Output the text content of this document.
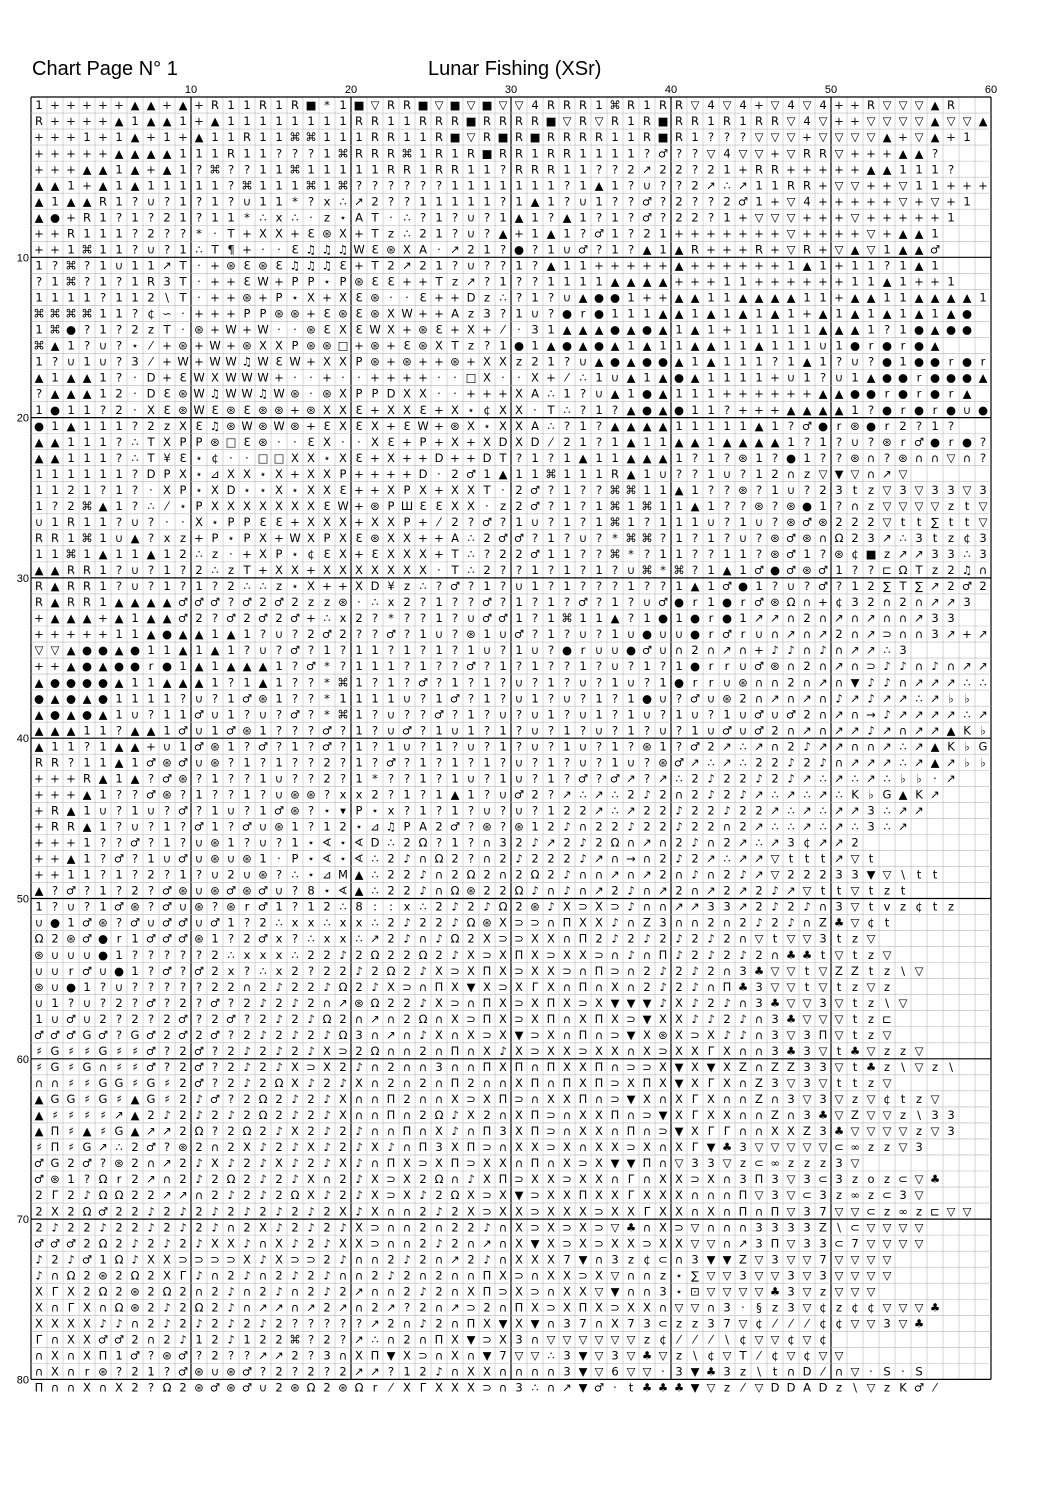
Chart Page N° 1	Lunar Fishing (XSr)
10	20	30	40	50	60
10
20
30
40
50
60
70
80
1 + + + + + ▲ ▲ + ▲ + R 1 1 R 1 R ■ * 1 ■ ▽ R R ■ ▽ ■ ▽ ■ ▽ ▽ 4 R R R 1 ⌘ R 1 R R ▽ 4 ▽ 4 + ▽ 4 ▽ 4 + + R ▽ ▽ ▽ ▲ R
R + + + + ▲ 1 ▲ ▲ 1 + ▲ 1 1 1 1 1 1 1 1 R R 1 1 R R R ■ R R R R ■ ▽ R ▽ R 1 R ■ R R 1 R 1 R R ▽ 4 ▽ + + ▽ ▽ ▽ ▽ ▲ ▽ ▽ ▲
+ + + 1 + 1 ▲ + 1 + ▲ 1 1 R 1 1 ⌘ ⌘ 1 1 1 R R 1 1 R ■ ▽ R ■ R ■ R R R R 1 1 R ■ R 1 ? ? ? ▽ ▽ ▽ + ▽ ▽ ▽ ▽ ▲ + ▽ ▲ + 1
+ + + + + ▲ ▲ ▲ ▲ 1 1 1 R 1 1 ? ? ? 1 ⌘ R R R ⌘ 1 R 1 R ■ R R 1 R R 1 1 1 1 ? ♂ ? ? ▽ 4 ▽ ▽ + ▽ R R ▽ + + + ▲ ▲ ?
+ + + ▲ ▲ 1 ▲ + ▲ 1 ? ⌘ ? ? 1 1 ⌘ 1 1 1 1 1 R R 1 R R 1 1 ? R R R 1 1 ? ? 2 ↗ 2 2 ? 2 1 + R R + + + + + ▲ ▲ 1 1 1 ?
▲ ▲ 1 + ▲ 1 ▲ 1 1 1 1 1 ? ⌘ 1 1 1 ⌘ 1 ⌘ ? ? ? ? ? ? 1 1 1 1 1 1 1 ? 1 ▲ 1 ? ∪ ? ? 2 ↗ ∴ ↗ 1 1 R R + ▽ ▽ + + ▽ 1 1 + + +
▲ 1 ▲ ▲ R 1 ? ∪ ? 1 ? 1 ? ∪ 1 1 * ? x ∴ ↗ 2 ? ? 1 1 1 1 1 ? 1 ▲ 1 ? ∪ 1 ? ? ♂ ? 2 ? ? 2 ♂ 1 + ▽ 4 + + + + + ▽ + ▽ + 1
▲ ● + R 1 ? 1 ? 2 1 ? 1 1 * ∴ x ∴ · z ⋆ A T · ∴ ? 1 ? ∪ ? 1 ▲ 1 ? ▲ 1 ? 1 ? ♂ ? 2 2 ? 1 + ▽ ▽ ▽ + + + ▽ + + + + + 1
+ + R 1 1 1 ? 2 ? ? * · T + X X + Ɛ ⊛ X + T z ∴ 2 1 ? ∪ ? ▲ + 1 ▲ 1 ? ♂ 1 ? 2 1 + + + + + + + ▽ + + + + ▽ + ▲ ▲ 1
+ + 1 ⌘ 1 1 ? ∪ ? 1 ∴ T ¶ + · · Ɛ ♫ ♫ ♫ W Ɛ ⊛ X A · ↗ 2 1 ? ● ? 1 ∪ ♂ ? 1 ? ▲ 1 ▲ R + + + R + ▽ R + ▽ ▲ ▽ 1 ▲ ▲ ♂
1 ? ⌘ ? 1 ∪ 1 1 ↗ T · + ⊛ Ɛ ⊛ Ɛ ♫ ♫ ♫ Ɛ + T 2 ↗ 2 1 ? ∪ ? ? 1 ? ▲ 1 1 + + + + + ▲ + + + + + + 1 ▲ 1 + 1 1 ? 1 ▲ 1
? 1 ⌘ ? 1 ? 1 R 3 T · + + Ɛ W + P P ⋆ P ⊛ Ɛ Ɛ + + T z ↗ ? 1 ? ? 1 1 1 1 ▲ ▲ ▲ ▲ + + + 1 1 + + + + + + 1 1 ▲ 1 + + 1
1 1 1 1 ? 1 1 2 \ T · + + ⊛ + P ⋆ X + X Ɛ ⊛ · · Ɛ + + D z ∴ ? 1 ? ∪ ▲ ● ● 1 + + ▲ ▲ 1 1 ▲ ▲ ▲ ▲ 1 1 + ▲ ▲ 1 1 ▲ ▲ ▲ ▲ 1
⌘ ⌘ ⌘ ⌘ 1 1 ? ¢ ∽ · + + + P P ⊛ ⊛ + Ɛ ⊛ Ɛ ⊛ X W + + A z 3 ? 1 ∪ ? ● r ● 1 1 1 ▲ ▲ 1 ▲ 1 ▲ 1 ▲ 1 + ▲ 1 ▲ 1 ▲ 1 ▲ 1 ▲ ●
1 ⌘ ● ? 1 ? 2 z T · ⊛ + W + W · · ⊛ Ɛ X Ɛ W X + ⊛ Ɛ + X + ⁄ · 3 1 ▲ ▲ ▲ ● ▲ ● ▲ 1 ▲ 1 + 1 1 1 1 1 ▲ ▲ ▲ 1 ? 1 ● ▲ ● ●
⌘ ▲ 1 ? ∪ ? ⋆ ⁄ + ⊛ + W + ⊛ X X P ⊛ ⊛ □ + ⊛ + Ɛ ⊛ X T z ? 1 ● 1 ▲ ● ▲ ● ▲ 1 ▲ 1 1 ▲ ▲ 1 1 ▲ 1 1 1 ∪ 1 ● r ● r ● ▲
1 ? ∪ 1 ∪ ? 3 ⁄ + W + W W ♫ W Ɛ W + X X P ⊛ + ⊛ + + ⊛ + X X z 2 1 ? ∪ ▲ ● ▲ ● ● ▲ 1 ▲ 1 1 1 ? 1 ▲ 1 ? ∪ ? ● 1 ● ● r ● r
▲ 1 ▲ ▲ 1 ? · D + Ɛ W X W W W + · · + · · + + + + · · □ X · · X + ⁄ ∴ 1 ∪ ▲ 1 ▲ ● ▲ 1 1 1 1 + ∪ 1 ? ∪ 1 ▲ ● ● r ● ● ● ▲
? ▲ ▲ ▲ 1 2 · D Ɛ ⊛ W ♫ W W ♫ W ⊛ · ⊛ X P P D X X · · + + + X A ∴ 1 ? ∪ ▲ 1 ● ▲ 1 1 1 + + + + + + ▲ ▲ ● ● r ● r ● r ▲
1 ● 1 1 ? 2 · X Ɛ ⊛ W Ɛ ⊛ Ɛ ⊛ ⊛ + ⊛ X X Ɛ + X X Ɛ + X ⋆ ¢ X X · T ∴ ? 1 ? ▲ ● ▲ ● 1 1 ? + + + ▲ ▲ ▲ ▲ 1 ? ● r ● r ● ∪ ●
● 1 ▲ 1 1 1 ? 2 z X Ɛ ♫ ⊛ W ⊛ W ⊛ + Ɛ X Ɛ X + Ɛ W + ⊛ X ⋆ X X A ∴ ? 1 ? ▲ ▲ ▲ ▲ 1 1 1 1 1 ▲ 1 ? ♂ ● r ⊛ ● r 2 ? 1 ?
▲ ▲ 1 1 1 ? ∴ T X P P ⊛ □ Ɛ ⊛ · · Ɛ X · · X Ɛ + P + X + X D X D ⁄ 2 1 ? 1 ▲ 1 1 ▲ ▲ 1 ▲ ▲ ▲ ▲ 1 ? 1 ? ∪ ? ⊛ r ♂ ● r ● ?
▲ ▲ 1 1 1 ? ∴ T ¥ Ɛ ⋆ ¢ · · □ □ X X ⋆ X Ɛ + X + + D + + D T ? 1 ? 1 ▲ 1 1 ▲ ▲ ▲ 1 ? 1 ? ⊛ 1 ? ● 1 ? ? ⊛ ∩ ? ⊛ ∩ ∩ ▽ ∩ ?
1 1 1 1 1 1 ? D P X ⋆ ⊿ X X ⋆ X + X X P + + + + D · 2 ♂ 1 ▲ 1 1 ⌘ 1 1 1 R ▲ 1 ∪ ? ? 1 ∪ ? 1 2 ∩ z ▽ ▼ ▽ ∩ ↗ ▽
1 1 2 1 ? 1 ? · X P ⋆ X D ⋆ ⋆ X ⋆ X X Ɛ + + X P X + X X T · 2 ♂ ? 1 ? ? ⌘ ⌘ 1 1 ▲ 1 ? ? ⊛ ? 1 ∪ ? 2 3 t z ▽ 3 ▽ 3 3 ▽ 3
1 ? 2 ⌘ ▲ 1 ? ∴ ⁄ ⋆ P X X X X X X X Ɛ W + ⊛ P Ш Ɛ Ɛ X X · z 2 ♂ ? 1 ? 1 ⌘ 1 ⌘ 1 1 ▲ 1 ? ? ⊛ ? ⊛ ● 1 ? ∩ z ▽ ▽ ▽ ▽ z t ▽
∪ 1 R 1 1 ? ∪ ? · · X ⋆ P P Ɛ Ɛ + X X X + X X P + ⁄ 2 ? ♂ ? 1 ∪ ? 1 ? 1 ⌘ 1 ? 1 1 1 ∪ ? 1 ∪ ? ⊛ ♂ ⊛ 2 2 2 ▽ t t ∑ t t ▽
R R 1 ⌘ 1 ∪ ▲ ? x z + P ⋆ P X + W X P X Ɛ ⊛ X X + + A ∴ 2 ♂ ♂ ? 1 ? ∪ ? * ⌘ ⌘ ? 1 ? 1 ? ∪ ? ⊛ ♂ ⊛ ∩ Ω 2 3 ↗ ∴ 3 t z ¢ 3
1 1 ⌘ 1 ▲ 1 1 ▲ 1 2 ∴ z · + X P ⋆ ¢ Ɛ X + Ɛ X X X + T ∴ ? 2 2 ♂ 1 1 ? ? ⌘ * ? 1 1 ? ? 1 1 ? ⊛ ♂ 1 ? ⊛ ¢ ■ z ↗ ↗ 3 3 ∴ 3
▲ ▲ R R 1 ? ∪ ? 1 ? 2 ∴ z T + X X + X X X X X X X · T ∴ 2 ? ? 1 ? 1 ? 1 ? ∪ ⌘ * ⌘ ? 1 ▲ 1 ♂ ● ♂ ⊛ ♂ 1 ? ? ⊏ Ω T z 2 ♫ ∩
R ▲ R R 1 ? ∪ ? 1 ? 1 ? 2 ∴ ∴ z ⋆ X + + X D ¥ z ∴ ? ♂ ? 1 ? ∪ 1 ? 1 ? ? ? 1 ? ? 1 ▲ 1 ♂ ● 1 ? ∪ ? ♂ ? 1 2 ∑ T ∑ ↗ 2 ♂ 2
R ▲ R R 1 ▲ ▲ ▲ ▲ ♂ ♂ ♂ ? ♂ 2 ♂ 2 z z ⊛ · ∴ x 2 ? 1 ? ? ♂ ? 1 ? 1 ? ♂ ? 1 ? ∪ ♂ ● r 1 ● r ♂ ⊛ Ω ∩ + ¢ 3 2 ∩ 2 ∩ ↗ ↗ 3
+ ▲ ▲ ▲ + ▲ 1 ▲ ▲ ♂ 2 ? ♂ 2 ♂ 2 ♂ + ∴ x 2 ? * ? ? 1 ? ∪ ♂ ♂ 1 ? 1 ⌘ 1 1 ▲ ? 1 ● 1 ● r ● 1 ↗ ↗ ∩ 2 ∩ ↗ ∩ ↗ ∩ ∩ ↗ 3 3
+ + + + + 1 1 ▲ ● ▲ ▲ 1 ▲ 1 ? ∪ ? 2 ♂ 2 ? ? ♂ ? 1 ∪ ? ⊛ 1 ∪ ♂ ? 1 ? ∪ ? 1 ∪ ● ∪ ∪ ● r ♂ r ∪ ∩ ↗ ∩ ↗ 2 ∩ ↗ ⊃ ∩ ∩ 3 ↗ + ↗
▽ ▽ ▲ ● ● ▲ ● 1 1 ▲ 1 ▲ 1 ? ∪ ? ♂ ? 1 ? 1 1 ? 1 ? 1 ? 1 ∪ ? 1 ∪ ? ● r ∪ ∪ ● ♂ ∪ ∩ 2 ∩ ↗ ∩ + ♪ ♪ ∩ ♪ ∩ ↗ ↗ ∴ 3
+ + ▲ ● ▲ ● ● r ● 1 ▲ 1 ▲ ▲ ▲ 1 ? ♂ * ? 1 1 1 ? 1 ? ? ♂ ? 1 ? 1 ? ? 1 ? ∪ ? 1 ? 1 ● r r ∪ ♂ ⊛ ∩ 2 ∩ ↗ ∩ ⊃ ♪ ♪ ∩ ♪ ∩ ↗ ↗
▲ ● ● ● ● ▲ 1 1 ▲ ▲ ▲ 1 ? 1 ▲ 1 ? ? * ⌘ 1 ? 1 ? ♂ ? 1 ? 1 ? ∪ ? 1 ? ∪ ? 1 ∪ ? 1 ● r r ∪ ⊛ ∩ ∩ 2 ∩ ↗ ∩ ▼ ♪ ♪ ∩ ↗ ↗ ↗ ∴ ∴
● ▲ ● ▲ ● 1 1 1 1 ? ∪ ? 1 ♂ ⊛ 1 ? ? * 1 1 1 1 ∪ ? 1 ♂ ? 1 ? ∪ 1 ? ∪ ? 1 ? 1 ● ∪ ? ♂ ∪ ⊛ 2 ∩ ↗ ∩ ↗ ∩ ♪ ↗ ♪ ↗ ↗ ∴ ↗ ♭ ♭
▲ ● ▲ ● ▲ 1 ∪ ? 1 1 ♂ ∪ 1 ? ∪ ? ♂ ? * ⌘ 1 ? ∪ ? ? ♂ ? 1 ? ∪ ? ∪ 1 ? ∪ 1 ? 1 ∪ ? 1 ∪ ? 1 ∪ ♂ ∪ ♂ 2 ∩ ↗ ∩ → ♪ ↗ ↗ ↗ ↗ ∴ ↗
▲ ▲ ▲ 1 1 ? ▲ ▲ 1 ♂ ∪ 1 ♂ ⊛ 1 ? ? ? ♂ ? 1 ? ∪ ♂ ? 1 ∪ 1 ? 1 ? ∪ ? 1 ? ∪ ? 1 ? ∪ ? 1 ∪ ♂ ∪ ♂ 2 ∩ ↗ ∩ ↗ ↗ ♪ ↗ ∩ ↗ ↗ ▲ K ♭
▲ 1 1 ? 1 ▲ ▲ + ∪ 1 ♂ ⊛ 1 ? ♂ ? 1 ? ♂ ? 1 ? 1 ∪ ? 1 ? ∪ ? 1 ? ∪ ? 1 ∪ ? 1 ? ⊛ 1 ? ♂ 2 ↗ ∴ ↗ ∩ 2 ♪ ↗ ↗ ∩ ∩ ↗ ∴ ↗ ▲ K ♭ G
R R ? 1 1 ▲ 1 ♂ ⊛ ♂ ∪ ⊛ ? 1 ? 1 ? ? 2 ? 1 ? ♂ ? 1 ? 1 ? 1 ? ∪ ? 1 ? ∪ ? 1 ∪ ? ⊛ ♂ ↗ ∴ ↗ ∴ 2 2 ♪ 2 ♪ ∩ ↗ ↗ ↗ ∴ ↗ ▲ ↗ ♭ ♭
+ + + R ▲ 1 ▲ ? ♂ ⊛ ? 1 ? ? 1 ∪ ? ? 2 ? 1 * ? ? 1 ? 1 ∪ ? 1 ∪ ? 1 ? ♂ ? ♂ ↗ ? ↗ ∴ 2 ♪ 2 2 ♪ 2 ♪ ↗ ∴ ↗ ∴ ↗ ∴ ♭ ♭ · ↗
+ + + ▲ 1 ? ? ♂ ⊛ ? 1 ? ? 1 ? ∪ ⊛ ⊛ ? x x 2 ? 1 ? 1 ▲ 1 ? ∪ ♂ 2 ? ↗ ∴ ↗ ∴ 2 ♪ 2 ∩ 2 ♪ 2 ♪ ↗ ∴ ↗ ∴ ↗ ∴ K ♭ G ▲ K ↗
+ R ▲ 1 ∪ ? 1 ∪ ? ♂ ? 1 ∪ ? 1 ♂ ⊛ ? ⋆ ▾ P ⋆ x ? 1 ? 1 ? ∪ ? ∪ ? 1 2 2 ↗ ∴ ↗ 2 2 ♪ 2 2 ♪ 2 2 ↗ ∴ ↗ ∴ ↗ ↗ 3 ∴ ↗ ↗
+ R R ▲ 1 ? ∪ ? 1 ? ♂ 1 ? ♂ ∪ ⊛ 1 ? 1 2 ⋆ ⊿ ♫ P A 2 ♂ ? ⊛ ? ⊛ 1 2 ♪ ∩ 2 2 ♪ 2 2 ♪ 2 2 ∩ 2 ↗ ∴ ∴ ↗ ∴ ↗ ∴ 3 ∴ ↗
+ + + 1 ? ? ♂ ? 1 ? ∪ ⊛ 1 ? ∪ ? 1 ⋆ ∢ ⋆ ∢ D ∴ 2 Ω ? 1 ? ∩ 3 2 ♪ ↗ 2 ♪ 2 Ω ∩ ↗ ∩ 2 ♪ ∩ 2 ↗ ∴ ↗ 3 ¢ ↗ ↗ 2
+ + ▲ 1 ? ♂ ? 1 ∪ ♂ ∪ ⊛ ∪ ⊛ 1 · P ⋆ ∢ ⋆ ∢ ∴ 2 ♪ ∩ Ω 2 ? ∩ 2 ♪ 2 2 2 ♪ ↗ ∩ → ∩ 2 ♪ 2 ↗ ∴ ↗ ↗ ▽ t t t ↗ ▽ t
+ + 1 1 ? 1 ? 2 ? 1 ? ∪ 2 ∪ ⊛ ? ∴ ⋆ ⊿ M ▲ ∴ 2 2 ♪ ∩ 2 Ω 2 ∩ 2 Ω 2 ♪ ∩ ∩ ↗ ∩ ↗ 2 ∩ ♪ ∩ 2 ♪ ↗ ▽ 2 2 2 3 3 ▼ ▽ \ t t
▲ ? ♂ ? 1 ? 2 ? ♂ ⊛ ∪ ⊛ ♂ ⊛ ♂ ∪ ? 8 ⋆ ∢ ▲ ∴ 2 2 ♪ ∩ Ω ⊛ 2 2 Ω ♪ ∩ ♪ ∩ ↗ 2 ♪ ∩ ↗ 2 ∩ ↗ 2 ↗ 2 ♪ ↗ ▽ t t ▽ t z t
1 ? ∪ ? 1 ♂ ⊛ ? ♂ ∪ ⊛ ? ⊛ r ♂ 1 ? 1 2 ∴ 8 : : x ∴ 2 ♪ 2 ♪ Ω 2 ⊛ ♪ X ⊃ X ⊃ ♪ ∩ ∩ ↗ ↗ 3 3 ↗ 2 ♪ 2 ♪ ∩ 3 ▽ t v z ¢ t z
∪ ● 1 ♂ ⊛ ? ♂ ∪ ♂ ♂ ∪ ♂ 1 ? 2 ∴ x x ∴ x x ∴ 2 ♪ 2 2 ♪ Ω ⊛ X ⊃ ⊃ ∩ Π X X ♪ ∩ Z 3 ∩ ∩ 2 ∩ 2 ♪ 2 ♪ ∩ Z ♣ ▽ ¢ t
Ω 2 ⊛ ♂ ● r 1 ♂ ♂ ♂ ⊛ 1 ? 2 ♂ x ? ∴ x x ∴ ↗ 2 ♪ ∩ ♪ Ω 2 X ⊃ ⊃ X X ∩ Π 2 ♪ 2 ♪ 2 ♪ 2 ♪ 2 ∩ ▽ t ▽ ▽ 3 t z ▽
⊛ ∪ ∪ ∪ ● 1 ? ? ? ? ? 2 ∴ x x x ∴ 2 2 ♪ 2 Ω 2 2 Ω 2 ♪ X ⊃ X Π X ⊃ X X ⊃ ∩ ♪ ∩ Π ♪ 2 ♪ 2 ♪ 2 ∩ ♣ ♣ t ▽ t z ▽
∪ ∪ r ♂ ∪ ● 1 ? ♂ ? ♂ 2 x ? ∴ x 2 ? 2 2 ♪ 2 Ω 2 ♪ X ⊃ X Π X ⊃ X X ⊃ ∩ Π ⊃ ∩ 2 ♪ 2 ♪ 2 ∩ 3 ♣ ▽ ▽ t ▽ Z Z t z \ ▽
⊛ ∪ ● 1 ? ∪ ? ? ? ? ? 2 2 ∩ 2 ♪ 2 2 ♪ Ω 2 ♪ X ⊃ ∩ Π X ▼ X ⊃ X Γ X ∩ Π ∩ X ∩ 2 ♪ 2 ♪ ∩ Π ♣ 3 ▽ ▽ t ▽ t z ▽ z
∪ 1 ? ∪ ? 2 ? ♂ ? 2 ? ♂ ? 2 ♪ 2 ♪ 2 ∩ ↗ ⊛ Ω 2 2 ♪ X ⊃ ∩ Π X ⊃ X Π X ⊃ X ▼ ▼ ▼ ♪ X ♪ 2 ♪ ∩ 3 ♣ ▽ ▽ 3 ▽ t z \ ▽
1 ∪ ♂ ∪ 2 ? 2 ? 2 ♂ ? 2 ♂ ? 2 ♪ 2 ♪ Ω 2 ∩ ↗ ∩ 2 Ω ∩ X ⊃ Π X ⊃ X Π ∩ X Π X ⊃ ▼ X X ♪ ♪ 2 ♪ ∩ 3 ♣ ▽ ▽ ▽ t z ⊏
♂ ♂ ♂ G ♂ ? G ♂ 2 ♂ 2 ♂ ? 2 ♪ 2 ♪ 2 ♪ Ω 3 ∩ ↗ ∩ ♪ X ∩ X ⊃ X ▼ ⊃ X ∩ Π ∩ ⊃ ▼ X ⊛ X ⊃ X ♪ ♪ ∩ 3 ▽ 3 Π ▽ t z ▽
♯ G ♯ ♯ G ♯ ♯ ♂ ? 2 ♂ ? 2 ♪ 2 ♪ 2 ♪ X ⊃ 2 Ω ∩ ∩ 2 ∩ Π ∩ X ♪ X ⊃ X X ⊃ X X ∩ X ⊃ X X Γ X ∩ ∩ 3 ♣ 3 ▽ t ♣ ▽ z z ▽
♯ G ♯ G ∩ ♯ ♯ ♂ ? 2 ♂ ? 2 ♪ 2 ♪ X ⊃ X 2 ♪ ∩ 2 ∩ ∩ 3 ∩ ∩ Π X Π ∩ Π X X Π ∩ ⊃ ⊃ X ▼ X ▼ X Z ∩ Z Z 3 3 ▽ t ♣ z \ ▽ z \
∩ ∩ ♯ ♯ G G ♯ G ♯ 2 ♂ ? 2 ♪ 2 Ω X ♪ 2 ♪ X ∩ 2 ∩ 2 ∩ Π 2 ∩ ∩ X Π ∩ Π X Π ⊃ X Π X ▼ X Γ X ∩ Z 3 ▽ 3 ▽ t t z ▽
▲ G G ♯ G ♯ ▲ G ♯ 2 ♪ ♂ ? 2 Ω 2 ♪ 2 ♪ X ∩ ∩ Π 2 ∩ ∩ X ⊃ X Π ⊃ ∩ X X Π ∩ ⊃ ▼ X ∩ X Γ X ∩ ∩ Z ∩ 3 ▽ 3 ▽ z ▽ ¢ t z ▽
▲ ♯ ♯ ♯ ♯ ↗ ▲ 2 ♪ 2 ♪ 2 ♪ 2 Ω 2 ♪ 2 ♪ X ∩ ∩ Π ∩ 2 Ω ♪ X 2 ∩ X Π ⊃ ∩ X X Π ∩ ⊃ ▼ X Γ X X ∩ ∩ Z ∩ 3 ♣ ▽ Z ▽ ▽ z \ 3 3
▲ Π ♯ ▲ ♯ G ▲ ↗ ↗ 2 Ω ? 2 Ω 2 ♪ X 2 ♪ 2 ♪ ∩ ∩ Π ∩ X ♪ ∩ Π 3 X Π ⊃ ∩ X X ∩ Π ∩ ⊃ ▼ X Γ Γ ∩ ∩ X X Z 3 ♣ ▽ ▽ ▽ ▽ z ▽ 3
♯ Π ♯ G ↗ ∴ 2 ♂ ? ⊛ 2 ∩ 2 X ♪ 2 ♪ X ♪ 2 ♪ X ♪ ∩ Π 3 X Π ⊃ ∩ X X ⊃ X ∩ X X ⊃ X ∩ X Γ ▼ ♣ 3 ▽ ▽ ▽ ▽ ▽ ⊂ ∞ z z ▽ 3
♂ G 2 ♂ ? ⊛ 2 ∩ ↗ 2 ♪ X ♪ 2 ♪ X ♪ 2 ♪ X ♪ ∩ Π X ⊃ X Π ⊃ X X ∩ Π ∩ X ⊃ X ▼ ▼ Π ∩ ▽ 3 3 ▽ z ⊂ ∞ z z z 3 ▽
♂ ⊛ 1 ? Ω r 2 ↗ ∩ 2 ♪ 2 Ω 2 ♪ 2 ♪ X ∩ 2 ♪ X ⊃ X 2 Ω ∩ ♪ X Π ⊃ X X ⊃ X X ∩ Γ ∩ X X ⊃ X ∩ 3 Π 3 ▽ 3 ⊂ 3 z o z ⊂ ▽ ♣
2 Γ 2 ♪ Ω Ω 2 2 ↗ ↗ ∩ 2 ♪ 2 ♪ 2 Ω X ♪ 2 ♪ X ⊃ X ♪ 2 Ω X ⊃ X ▼ ⊃ X X Π X X Γ X X X ∩ ∩ ∩ Π ▽ 3 ▽ ⊂ 3 z ∞ z ⊂ 3 ▽
2 X 2 Ω ♂ 2 2 ♪ 2 ♪ 2 ♪ 2 ♪ 2 ♪ 2 ♪ 2 X ♪ X ∩ ∩ 2 ♪ 2 X ⊃ X X ⊃ X X X ⊃ X X Γ X X ∩ X ∩ Π ∩ Π ▽ 3 7 ▽ ▽ ⊂ z ∞ z ⊏ ▽ ▽
2 ♪ 2 2 ♪ 2 2 ♪ 2 ♪ 2 ♪ ∩ 2 X ♪ 2 ♪ 2 ♪ X ⊃ ∩ ∩ 2 ∩ 2 2 ♪ ∩ X ⊃ X ⊃ X ⊃ ▽ ♣ ∩ X ⊃ ▽ ∩ ∩ ∩ 3 3 3 3 Z \ ⊂ ▽ ▽ ▽ ▽
♂ ♂ ♂ 2 Ω 2 ♪ 2 ♪ 2 ♪ X X ♪ ∩ X ♪ 2 ♪ X X ⊃ ∩ ∩ 2 ♪ 2 ∩ ↗ ∩ X ▼ X ⊃ X ⊃ X X ⊃ X X ▽ ▽ ∩ ↗ 3 Π ▽ 3 3 ⊂ 7 ▽ ▽ ▽ ▽
♪ 2 ♪ ♂ 1 Ω ♪ X X ⊃ ⊃ ⊃ ⊃ X ♪ X ⊃ ⊃ 2 ♪ ∩ ∩ 2 ♪ 2 ∩ ↗ 2 ♪ ∩ X X X 7 ▼ ∩ 3 z ¢ ⊂ ∩ 3 ▼ ▼ Z ▽ 3 ▽ ▽ 7 ▽ ▽ ▽ ▽
♪ ∩ Ω 2 ⊛ 2 Ω 2 X Γ ♪ ∩ 2 ♪ ∩ 2 ♪ 2 ♪ ∩ ∩ 2 ♪ 2 ∩ 2 ∩ ∩ Π X ⊃ ∩ X X ⊃ X ▽ ∩ ∩ z ⋆ ∑ ▽ ▽ 3 ▽ ▽ 3 ▽ 3 ▽ ▽ ▽ ▽
X Γ X 2 Ω 2 ⊛ 2 Ω 2 ∩ 2 ♪ ∩ 2 ♪ ∩ 2 ♪ 2 ↗ ∩ ∩ 2 ♪ 2 ∩ X Π ⊃ X ⊃ ∩ X X ▽ ▼ ∩ ∩ 3 ⋆ ⊡ ▽ ▽ ▽ ▽ ♣ 3 ▽ z ▽ ▽ ▽
X ∩ Γ X ∩ Ω ⊛ 2 ♪ 2 Ω 2 ♪ ∩ ↗ ↗ ∩ ↗ 2 ↗ ∩ 2 ↗ ? 2 ∩ ↗ ⊃ 2 ∩ Π X ⊃ X Π X ⊃ X X ∩ ▽ ▽ ∩ 3 · § z 3 ▽ ¢ z ¢ ¢ ▽ ▽ ▽ ♣
X X X X ♪ ♪ ∩ 2 ♪ 2 ♪ 2 ♪ 2 ♪ 2 ? ? ? ? ? ↗ 2 ∩ ♪ 2 ∩ Π X ▼ X ▼ ∩ 3 7 ∩ X 7 3 ⊂ z z 3 7 ▽ ¢ ⁄ ⁄ ⁄ ¢ ¢ ▽ ▽ 3 ▽ ♣
Γ ∩ X X ♂ ♂ 2 ∩ 2 ♪ 1 2 ♪ 1 2 2 ⌘ ? 2 ? ↗ ∴ ∩ 2 ∩ Π X ▼ ⊃ X 3 ∩ ▽ ▽ ▽ ▽ ▽ ▽ z ¢ ⁄ ⁄ ⁄ \ ¢ ▽ ▽ ¢ ▽ ¢
∩ X ∩ X Π 1 ♂ ? ⊛ ♂ ? 2 ? ? ↗ ↗ 2 ? 3 ∩ X Π ▼ X ⊃ ∩ X ∩ ▼ 7 ▽ ▽ ∴ 3 ▼ ▽ 3 ▽ ♣ ▽ z \ ¢ ▽ T ⁄ ¢ ▽ ¢ ▽ ▽
∩ X ∩ r ⊛ ? 2 1 ? ♂ ⊛ ∪ ⊛ ♂ ? 2 ? 2 ? 2 ↗ ↗ ? 1 2 ♪ ∩ X X ∩ ∩ ∩ ∩ 3 ▼ ▽ 6 ▽ ▽ · 3 ▼ ♣ 3 z \ t ∩ D ⁄ ∩ ▽ · S · S
Π ∩ ∩ X ∩ X 2 ? Ω 2 ⊛ ♂ ⊛ ♂ ∪ 2 ⊛ Ω 2 ⊛ Ω r ⁄ X Γ X X X ⊃ ∩ 3 ∴ ∩ ↗ ▼ ♂ · t ♣ ♣ ♣ ▼ ▽ z ⁄ ▽ D D A D z \ ▽ z K ♂ ⁄
